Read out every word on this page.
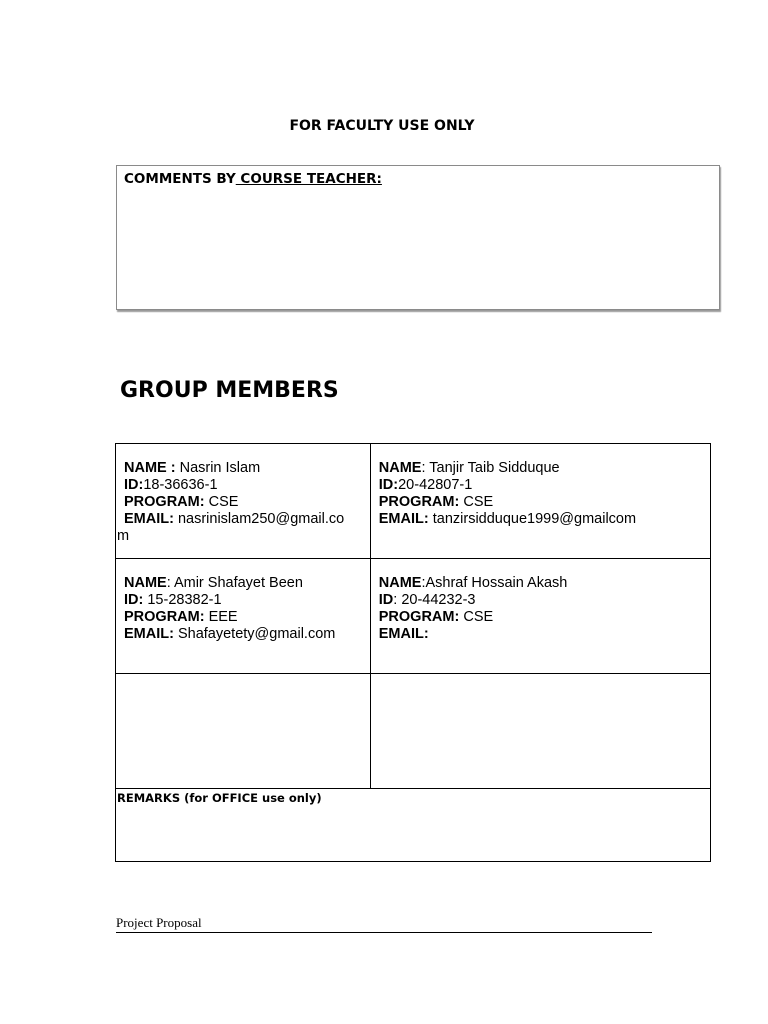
FOR FACULTY USE ONLY
COMMENTS BY COURSE TEACHER:
GROUP MEMBERS
NAME : Nasrin Islam
ID:18-36636-1
PROGRAM: CSE
EMAIL: nasrinislam250@gmail.co
m	NAME: Tanjir Taib Sidduque
ID:20-42807-1
PROGRAM: CSE
EMAIL: tanzirsidduque1999@gmailcom

NAME: Amir Shafayet Been
ID: 15-28382-1
PROGRAM: EEE
EMAIL: Shafayetety@gmail.com	NAME:Ashraf Hossain Akash
ID: 20-44232-3
PROGRAM: CSE
EMAIL:

REMARKS (for OFFICE use only)	
Project Proposal
